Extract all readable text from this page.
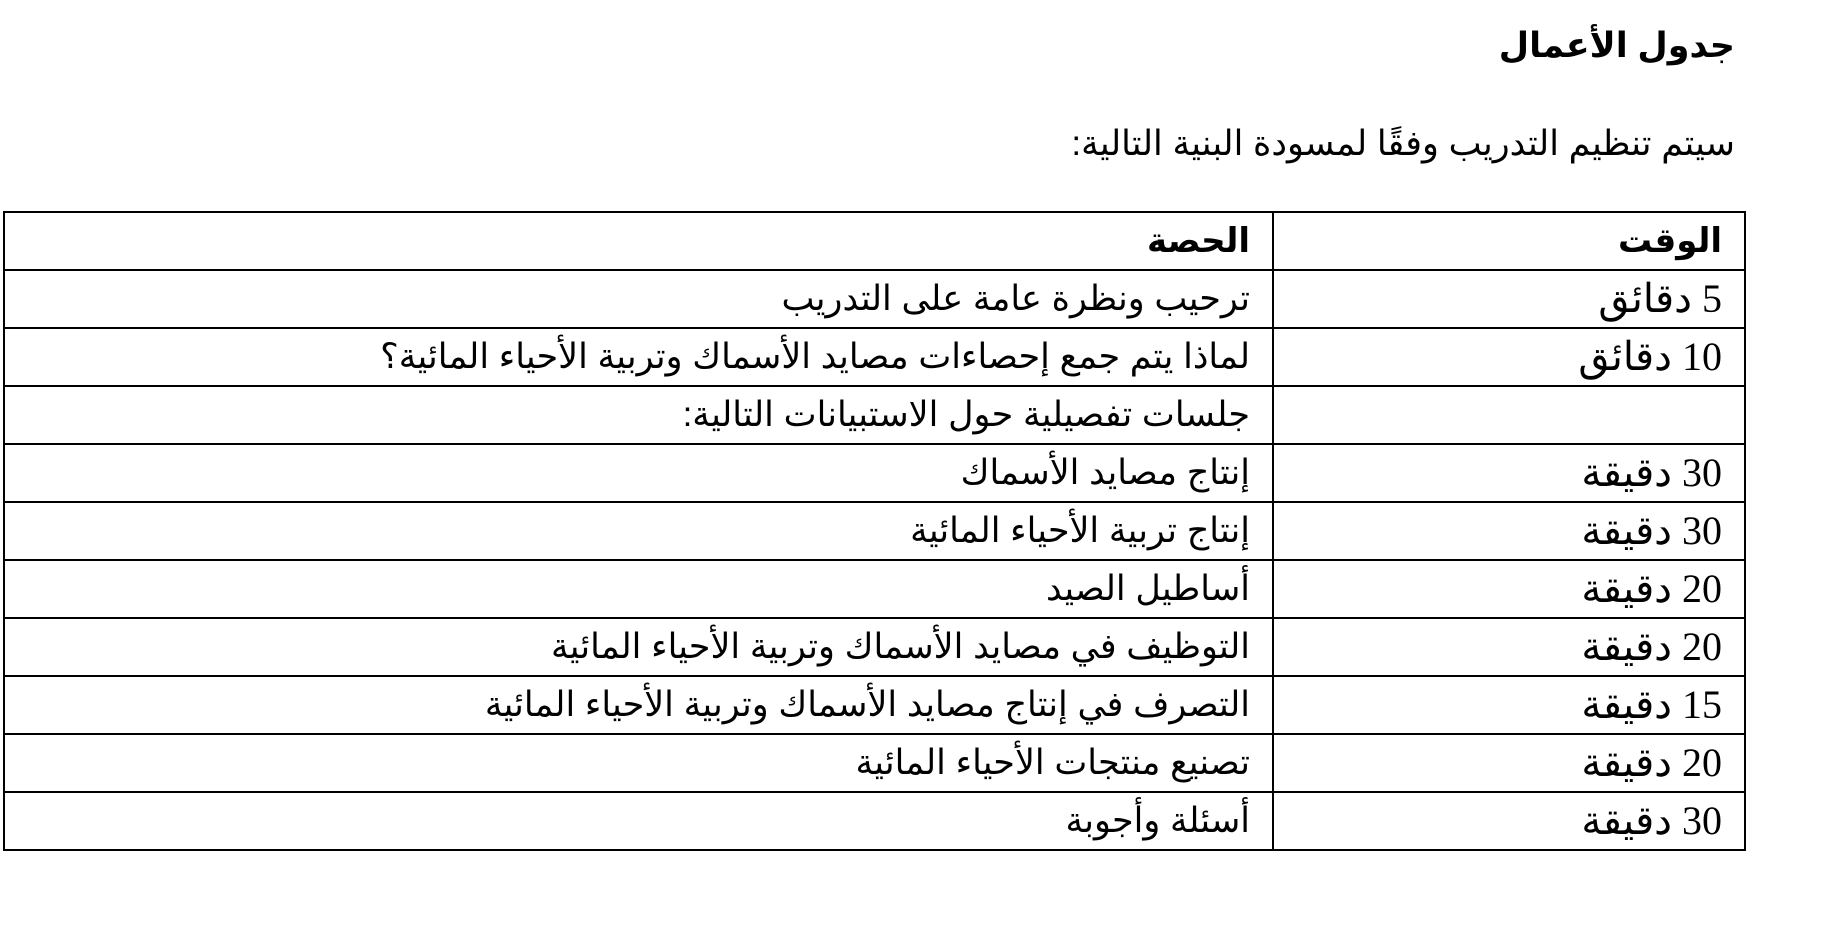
جدول الأعمال

سيتم تنظيم التدريب وفقًا لمسودة البنية التالية:

الوقت	الحصة
5 دقائق	ترحيب ونظرة عامة على التدريب
10 دقائق	لماذا يتم جمع إحصاءات مصايد الأسماك وتربية الأحياء المائية؟
	جلسات تفصيلية حول الاستبيانات التالية:
30 دقيقة	إنتاج مصايد الأسماك
30 دقيقة	إنتاج تربية الأحياء المائية
20 دقيقة	أساطيل الصيد
20 دقيقة	التوظيف في مصايد الأسماك وتربية الأحياء المائية
15 دقيقة	التصرف في إنتاج مصايد الأسماك وتربية الأحياء المائية
20 دقيقة	تصنيع منتجات الأحياء المائية
30 دقيقة	أسئلة وأجوبة
